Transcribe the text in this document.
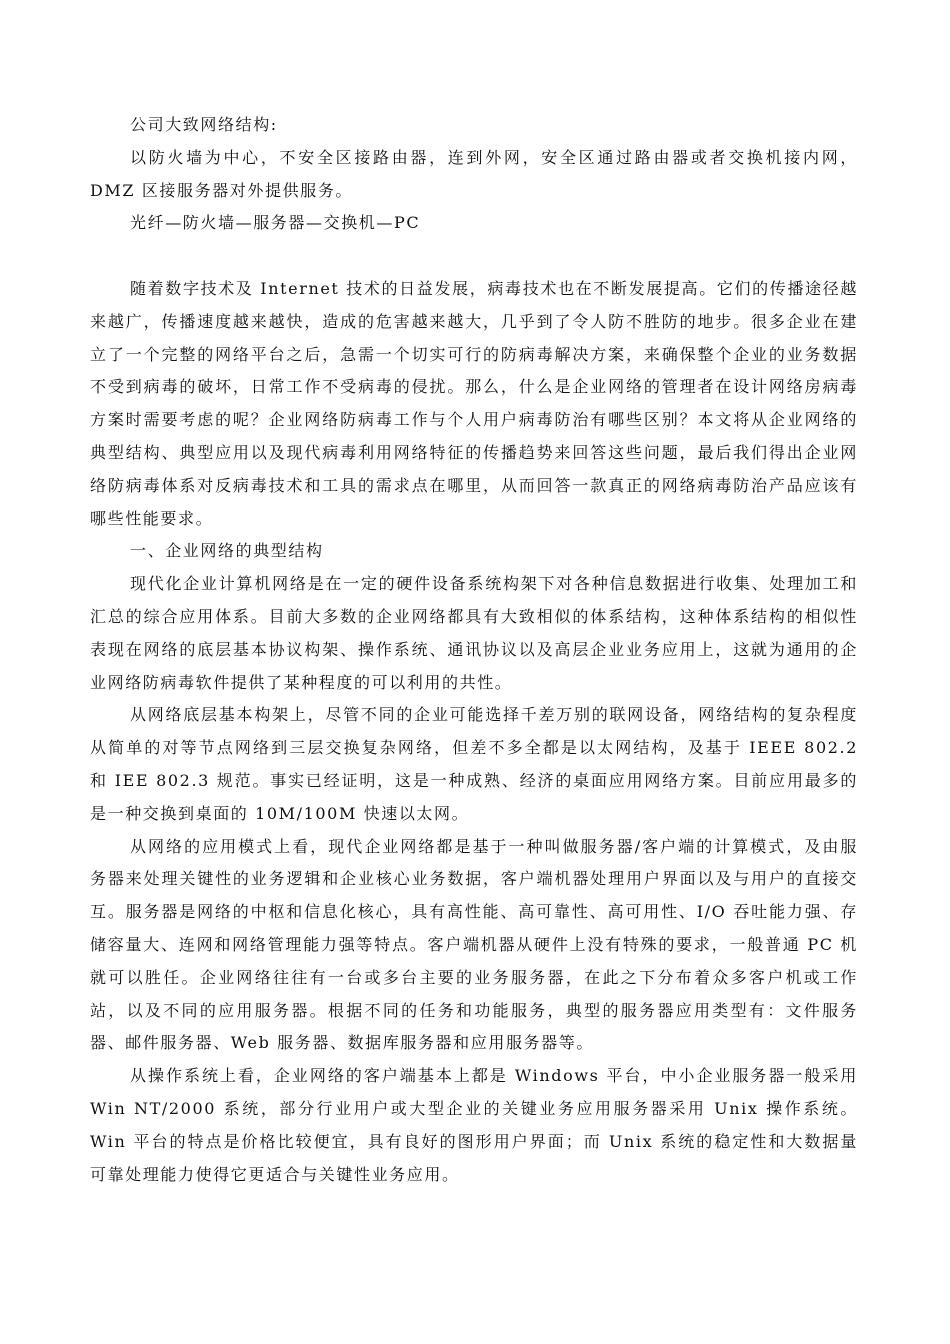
公司大致网络结构:

以防火墙为中心，不安全区接路由器，连到外网，安全区通过路由器或者交换机接内网，DMZ 区接服务器对外提供服务。

光纤—防火墙—服务器—交换机—PC

随着数字技术及 Internet 技术的日益发展，病毒技术也在不断发展提高。它们的传播途径越来越广，传播速度越来越快，造成的危害越来越大，几乎到了令人防不胜防的地步。很多企业在建立了一个完整的网络平台之后，急需一个切实可行的防病毒解决方案，来确保整个企业的业务数据不受到病毒的破坏，日常工作不受病毒的侵扰。那么，什么是企业网络的管理者在设计网络房病毒方案时需要考虑的呢？企业网络防病毒工作与个人用户病毒防治有哪些区别？本文将从企业网络的典型结构、典型应用以及现代病毒利用网络特征的传播趋势来回答这些问题，最后我们得出企业网络防病毒体系对反病毒技术和工具的需求点在哪里，从而回答一款真正的网络病毒防治产品应该有哪些性能要求。

一、企业网络的典型结构

现代化企业计算机网络是在一定的硬件设备系统构架下对各种信息数据进行收集、处理加工和汇总的综合应用体系。目前大多数的企业网络都具有大致相似的体系结构，这种体系结构的相似性表现在网络的底层基本协议构架、操作系统、通讯协议以及高层企业业务应用上，这就为通用的企业网络防病毒软件提供了某种程度的可以利用的共性。

从网络底层基本构架上，尽管不同的企业可能选择千差万别的联网设备，网络结构的复杂程度从简单的对等节点网络到三层交换复杂网络，但差不多全都是以太网结构，及基于 IEEE 802.2 和 IEE 802.3 规范。事实已经证明，这是一种成熟、经济的桌面应用网络方案。目前应用最多的是一种交换到桌面的 10M/100M 快速以太网。

从网络的应用模式上看，现代企业网络都是基于一种叫做服务器/客户端的计算模式，及由服务器来处理关键性的业务逻辑和企业核心业务数据，客户端机器处理用户界面以及与用户的直接交互。服务器是网络的中枢和信息化核心，具有高性能、高可靠性、高可用性、I/O 吞吐能力强、存储容量大、连网和网络管理能力强等特点。客户端机器从硬件上没有特殊的要求，一般普通 PC 机就可以胜任。企业网络往往有一台或多台主要的业务服务器，在此之下分布着众多客户机或工作站，以及不同的应用服务器。根据不同的任务和功能服务，典型的服务器应用类型有：文件服务器、邮件服务器、Web 服务器、数据库服务器和应用服务器等。

从操作系统上看，企业网络的客户端基本上都是 Windows 平台，中小企业服务器一般采用 Win NT/2000 系统，部分行业用户或大型企业的关键业务应用服务器采用 Unix 操作系统。Win 平台的特点是价格比较便宜，具有良好的图形用户界面；而 Unix 系统的稳定性和大数据量可靠处理能力使得它更适合与关键性业务应用。
